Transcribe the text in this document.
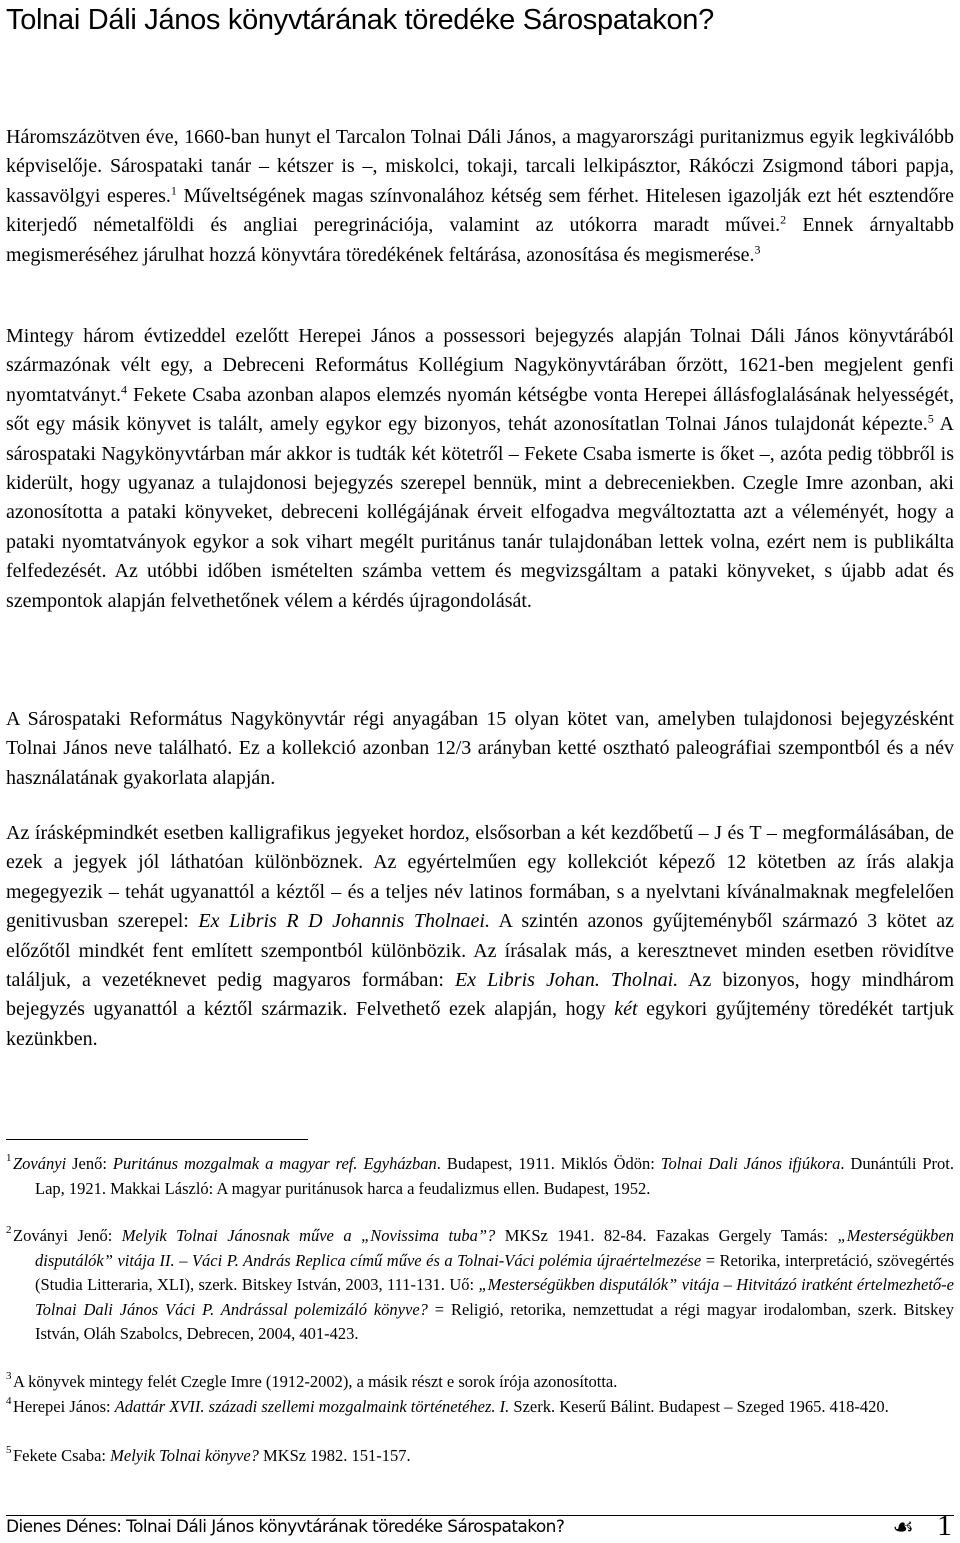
Tolnai Dáli János könyvtárának töredéke Sárospatakon?

Háromszázötven éve, 1660-ban hunyt el Tarcalon Tolnai Dáli János, a magyarországi puritanizmus egyik legkiválóbb képviselője. Sárospataki tanár – kétszer is –, miskolci, tokaji, tarcali lelkipásztor, Rákóczi Zsigmond tábori papja, kassavölgyi esperes.$^1$ Műveltségének magas színvonalához kétség sem férhet. Hitelesen igazolják ezt hét esztendőre kiterjedő németalföldi és angliai peregrinációja, valamint az utókorra maradt művei.$^2$ Ennek árnyaltabb megismeréséhez járulhat hozzá könyvtára töredékének feltárása, azonosítása és megismerése.$^3$

Mintegy három évtizeddel ezelőtt Herepei János a possessori bejegyzés alapján Tolnai Dáli János könyvtárából származónak vélt egy, a Debreceni Református Kollégium Nagykönyvtárában őrzött, 1621-ben megjelent genfi nyomtatványt.$^4$ Fekete Csaba azonban alapos elemzés nyomán kétségbe vonta Herepei állásfoglalásának helyességét, sőt egy másik könyvet is talált, amely egykor egy bizonyos, tehát azonosítatlan Tolnai János tulajdonát képezte.$^5$ A sárospataki Nagykönyvtárban már akkor is tudták két kötetről – Fekete Csaba ismerte is őket –, azóta pedig többről is kiderült, hogy ugyanaz a tulajdonosi bejegyzés szerepel bennük, mint a debreceniekben. Czegle Imre azonban, aki azonosította a pataki könyveket, debreceni kollégájának érveit elfogadva megváltoztatta azt a véleményét, hogy a pataki nyomtatványok egykor a sok vihart megélt puritánus tanár tulajdonában lettek volna, ezért nem is publikálta felfedezését. Az utóbbi időben ismételten számba vettem és megvizsgáltam a pataki könyveket, s újabb adat és szempontok alapján felvethetőnek vélem a kérdés újragondolását.

A Sárospataki Református Nagykönyvtár régi anyagában 15 olyan kötet van, amelyben tulajdonosi bejegyzésként Tolnai János neve található. Ez a kollekció azonban 12/3 arányban ketté osztható paleográfiai szempontból és a név használatának gyakorlata alapján.

Az írásképmindkét esetben kalligrafikus jegyeket hordoz, elsősorban a két kezdőbetű – J és T – megformálásában, de ezek a jegyek jól láthatóan különböznek. Az egyértelműen egy kollekciót képező 12 kötetben az írás alakja megegyezik – tehát ugyanattól a kéztől – és a teljes név latinos formában, s a nyelvtani kívánalmaknak megfelelően genitivusban szerepel: Ex Libris R D Johannis Tholnaei. A szintén azonos gyűjteményből származó 3 kötet az előzőtől mindkét fent említett szempontból különbözik. Az írásalak más, a keresztnevet minden esetben rövidítve találjuk, a vezetéknevet pedig magyaros formában: Ex Libris Johan. Tholnai. Az bizonyos, hogy mindhárom bejegyzés ugyanattól a kéztől származik. Felvethető ezek alapján, hogy két egykori gyűjtemény töredékét tartjuk kezünkben.

1 Zoványi Jenő: Puritánus mozgalmak a magyar ref. Egyházban. Budapest, 1911. Miklós Ödön: Tolnai Dali János ifjúkora. Dunántúli Prot. Lap, 1921. Makkai László: A magyar puritánusok harca a feudalizmus ellen. Budapest, 1952.

2 Zoványi Jenő: Melyik Tolnai Jánosnak műve a „Novissima tuba”? MKSz 1941. 82-84. Fazakas Gergely Tamás: „Mesterségükben disputálók” vitája II. – Váci P. András Replica című műve és a Tolnai-Váci polémia újraértelmezése = Retorika, interpretáció, szövegértés (Studia Litteraria, XLI), szerk. Bitskey István, 2003, 111-131. Uő: „Mesterségükben disputálók” vitája – Hitvitázó iratként értelmezhető-e Tolnai Dali János Váci P. Andrással polemizáló könyve? = Religió, retorika, nemzettudat a régi magyar irodalomban, szerk. Bitskey István, Oláh Szabolcs, Debrecen, 2004, 401-423.

3 A könyvek mintegy felét Czegle Imre (1912-2002), a másik részt e sorok írója azonosította.

4 Herepei János: Adattár XVII. századi szellemi mozgalmaink történetéhez. I. Szerk. Keserű Bálint. Budapest – Szeged 1965. 418-420.

5 Fekete Csaba: Melyik Tolnai könyve? MKSz 1982. 151-157.

Dienes Dénes: Tolnai Dáli János könyvtárának töredéke Sárospatakon?	☙ 1
